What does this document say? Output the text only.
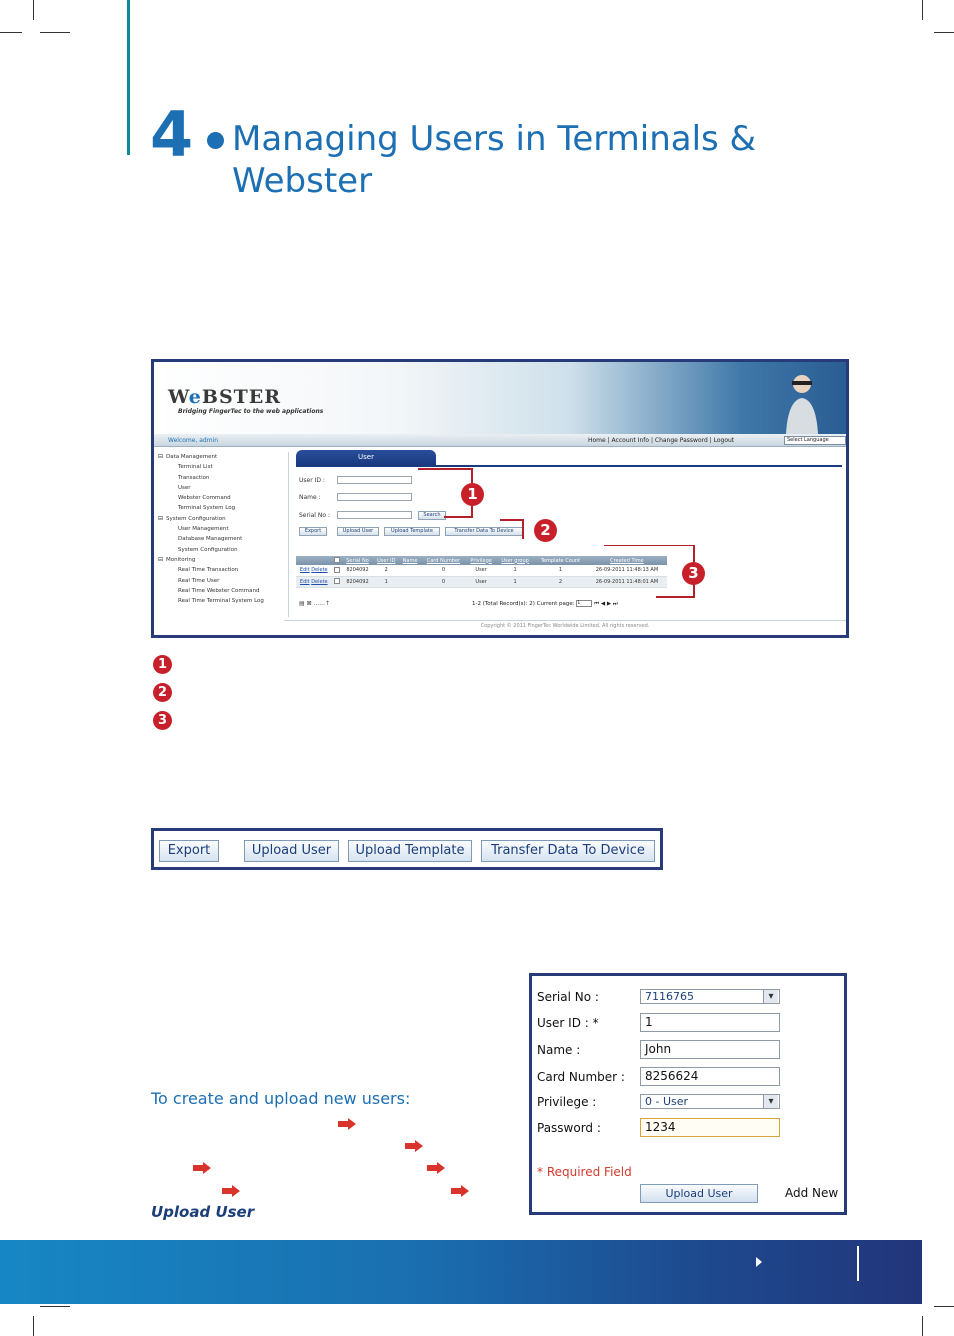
4 Managing Users in Terminals & Webster
WeBSTER
Bridging FingerTec to the web applications
Welcome, admin	Home | Account Info | Change Password | Logout	Select Language
⊟ Data Management
Terminal List
Transaction
User
Webster Command
Terminal System Log
⊟ System Configuration
User Management
Database Management
System Configuration
⊟ Monitoring
Real Time Transaction
Real Time User
Real Time Webster Command
Real Time Terminal System Log
User
User ID :
Name :
Serial No :	Search
Export	Upload User	Upload Template	Transfer Data To Device
		Serial No	User ID	Name	Card Number	Privilege	User group	Template Count	Created Time
Edit Delete		8204092	2		0	User	1	1	26-09-2011 11:48:13 AM
Edit Delete		8204092	1		0	User	1	2	26-09-2011 11:48:01 AM
▤ ⊠ ......↑	1-2 (Total Record(s): 2) Current page: 1	⏮ ◀ ▶ ⏭
Copyright © 2011 FingerTec Worldwide Limited. All rights reserved.
1
2
3
1
2
3
Export	Upload User	Upload Template	Transfer Data To Device
Serial No :	7116765 ▾
User ID : *	1
Name :	John
Card Number :	8256624
Privilege :	0 - User ▾
Password :	1234
* Required Field
Upload User	Add New
To create and upload new users:
Upload User
